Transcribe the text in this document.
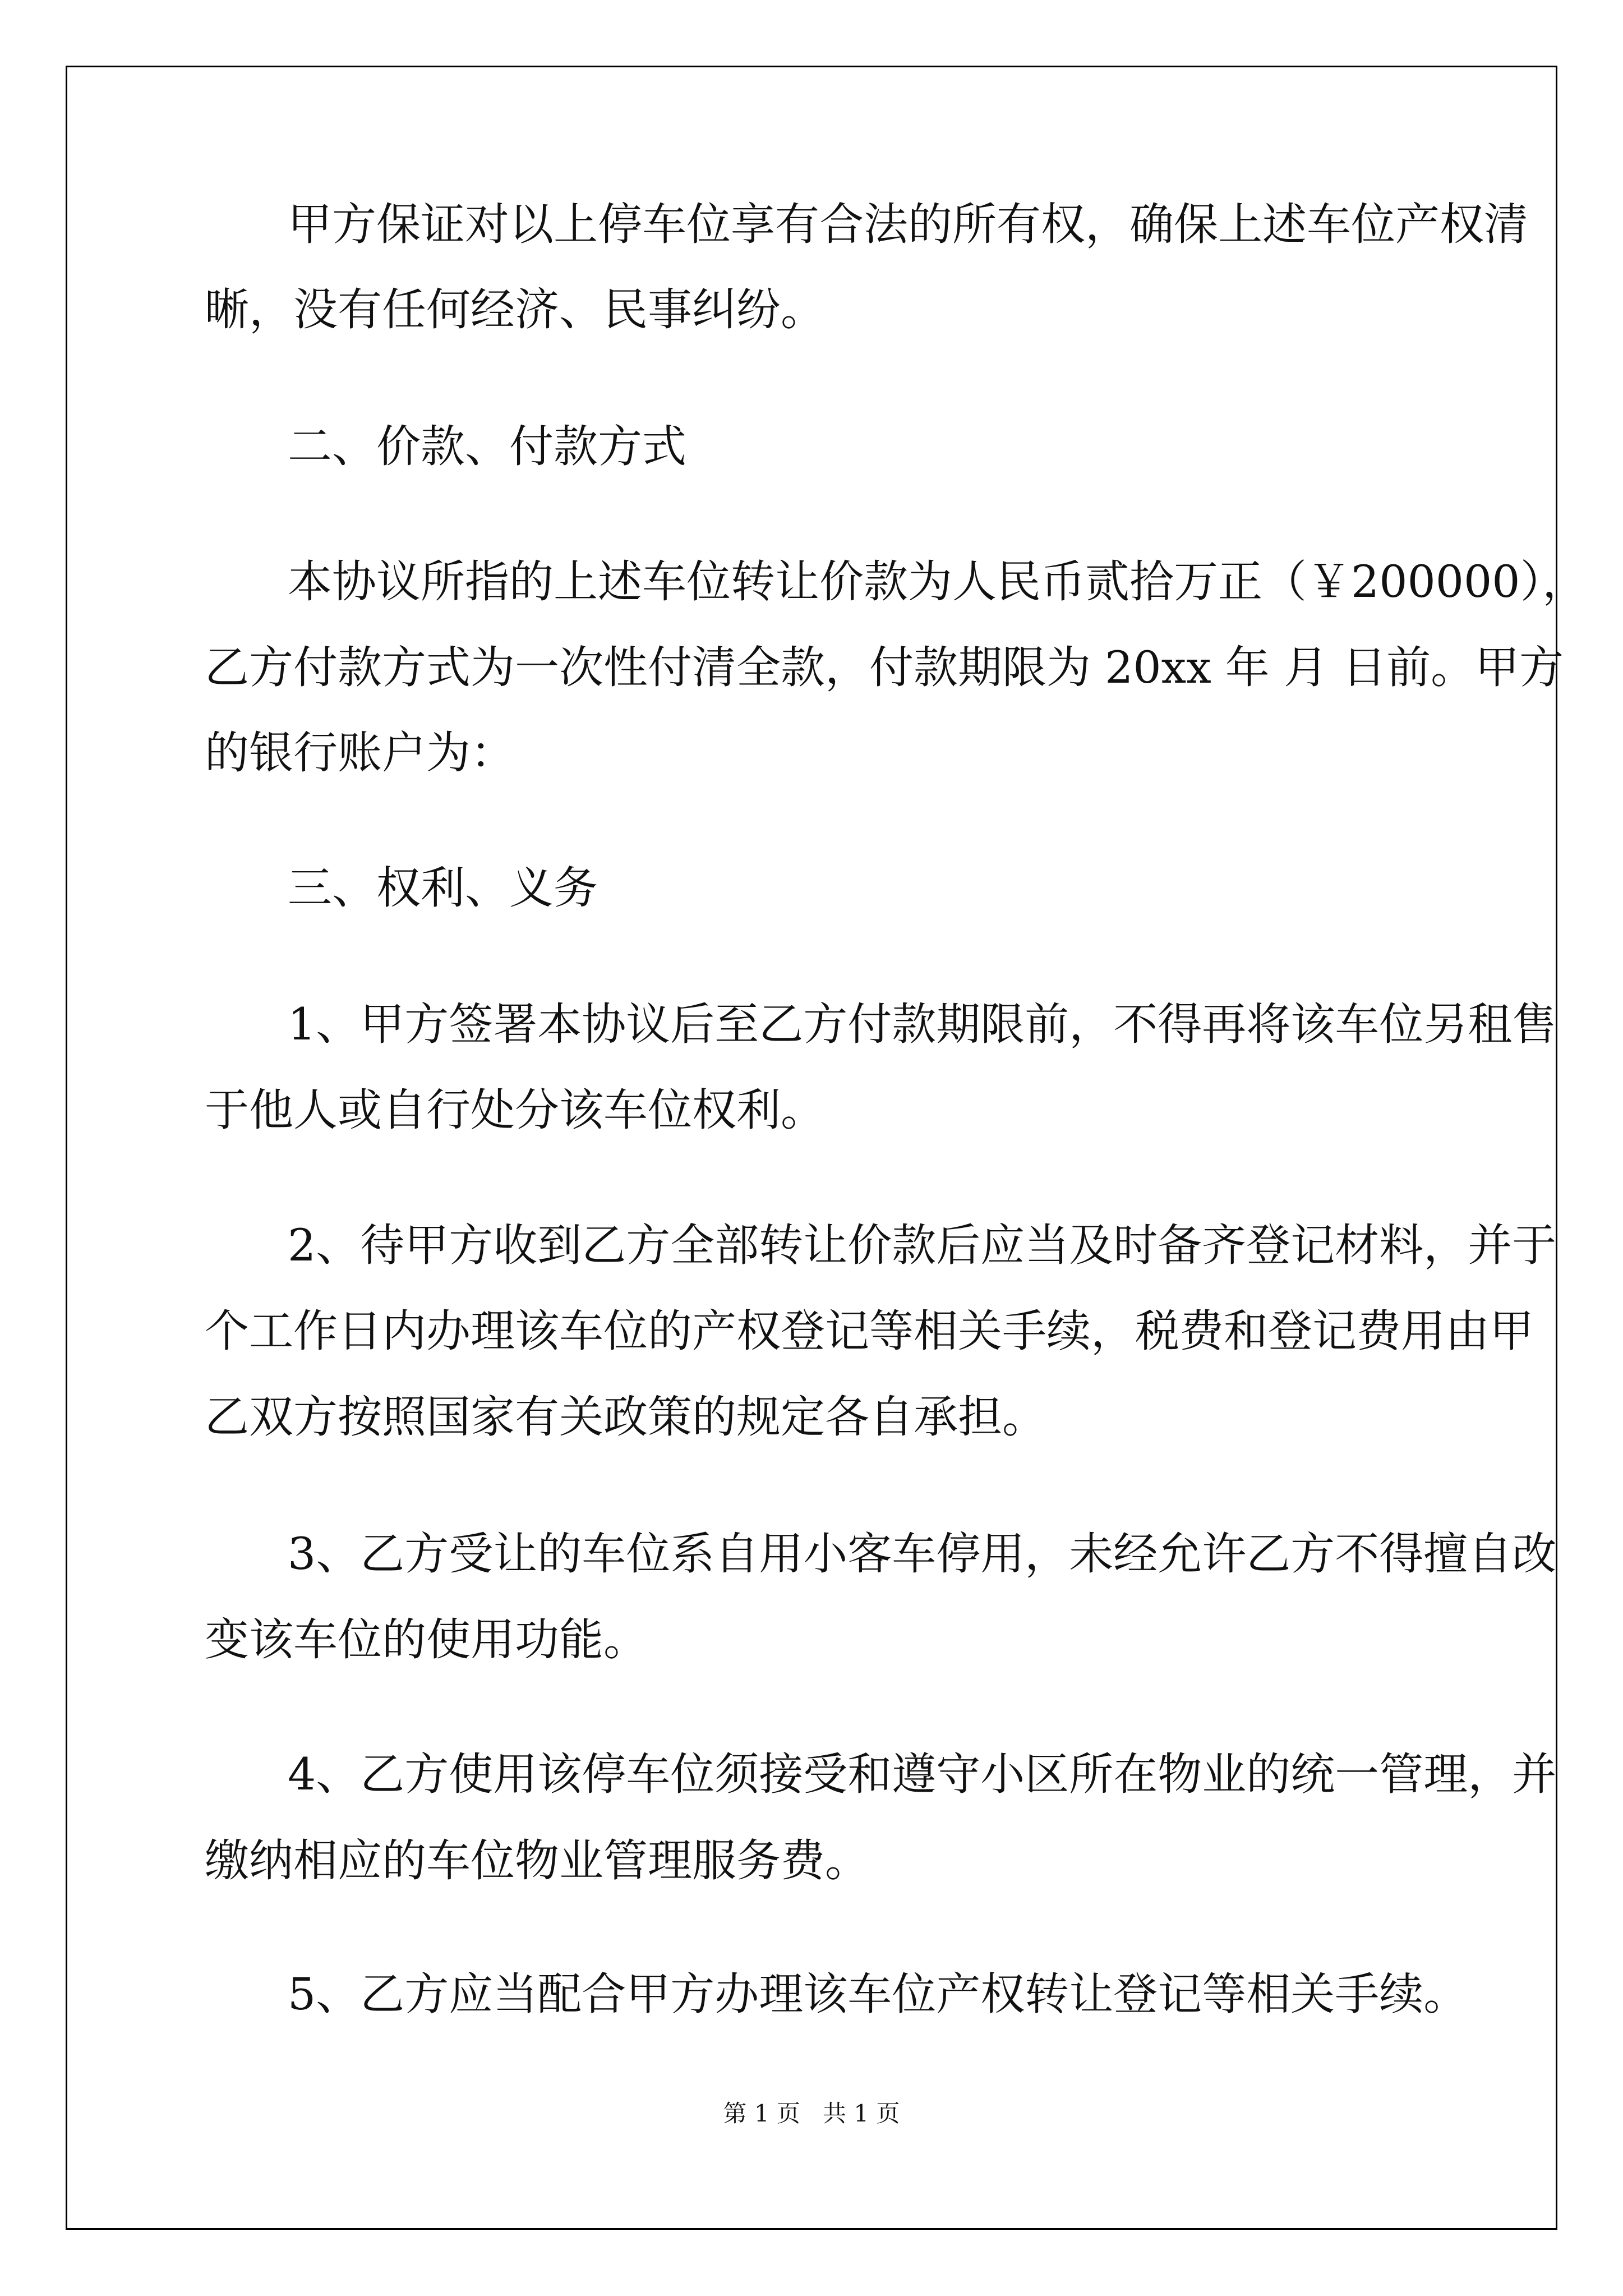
甲方保证对以上停车位享有合法的所有权，确保上述车位产权清
晰，没有任何经济、民事纠纷。
二、价款、付款方式
本协议所指的上述车位转让价款为人民币贰拾万正（￥200000），
乙方付款方式为一次性付清全款，付款期限为 20xx 年 月 日前。甲方
的银行账户为：
三、权利、义务
1、甲方签署本协议后至乙方付款期限前，不得再将该车位另租售
于他人或自行处分该车位权利。
2、待甲方收到乙方全部转让价款后应当及时备齐登记材料，并于
个工作日内办理该车位的产权登记等相关手续，税费和登记费用由甲
乙双方按照国家有关政策的规定各自承担。
3、乙方受让的车位系自用小客车停用，未经允许乙方不得擅自改
变该车位的使用功能。
4、乙方使用该停车位须接受和遵守小区所在物业的统一管理，并
缴纳相应的车位物业管理服务费。
5、乙方应当配合甲方办理该车位产权转让登记等相关手续。
第 1 页   共 1 页
